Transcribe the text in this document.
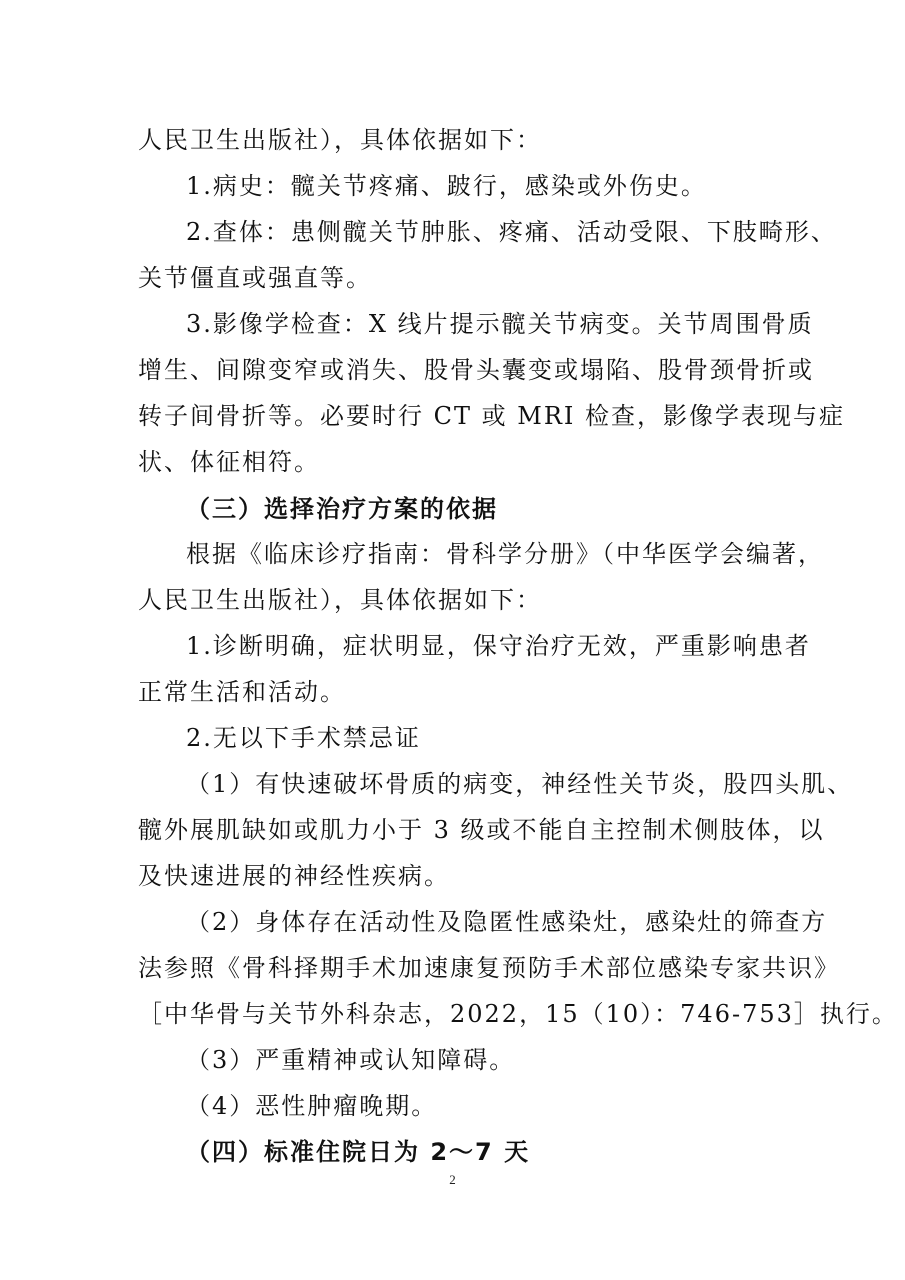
人民卫生出版社），具体依据如下：
1.病史：髋关节疼痛、跛行，感染或外伤史。
2.查体：患侧髋关节肿胀、疼痛、活动受限、下肢畸形、
关节僵直或强直等。
3.影像学检查：X 线片提示髋关节病变。关节周围骨质
增生、间隙变窄或消失、股骨头囊变或塌陷、股骨颈骨折或
转子间骨折等。必要时行 CT 或 MRI 检查，影像学表现与症
状、体征相符。
（三）选择治疗方案的依据
根据《临床诊疗指南：骨科学分册》（中华医学会编著，
人民卫生出版社），具体依据如下：
1.诊断明确，症状明显，保守治疗无效，严重影响患者
正常生活和活动。
2.无以下手术禁忌证
（1）有快速破坏骨质的病变，神经性关节炎，股四头肌、
髋外展肌缺如或肌力小于 3 级或不能自主控制术侧肢体，以
及快速进展的神经性疾病。
（2）身体存在活动性及隐匿性感染灶，感染灶的筛查方
法参照《骨科择期手术加速康复预防手术部位感染专家共识》
［中华骨与关节外科杂志，2022，15（10）：746-753］执行。
（3）严重精神或认知障碍。
（4）恶性肿瘤晚期。
（四）标准住院日为 2～7 天
2
